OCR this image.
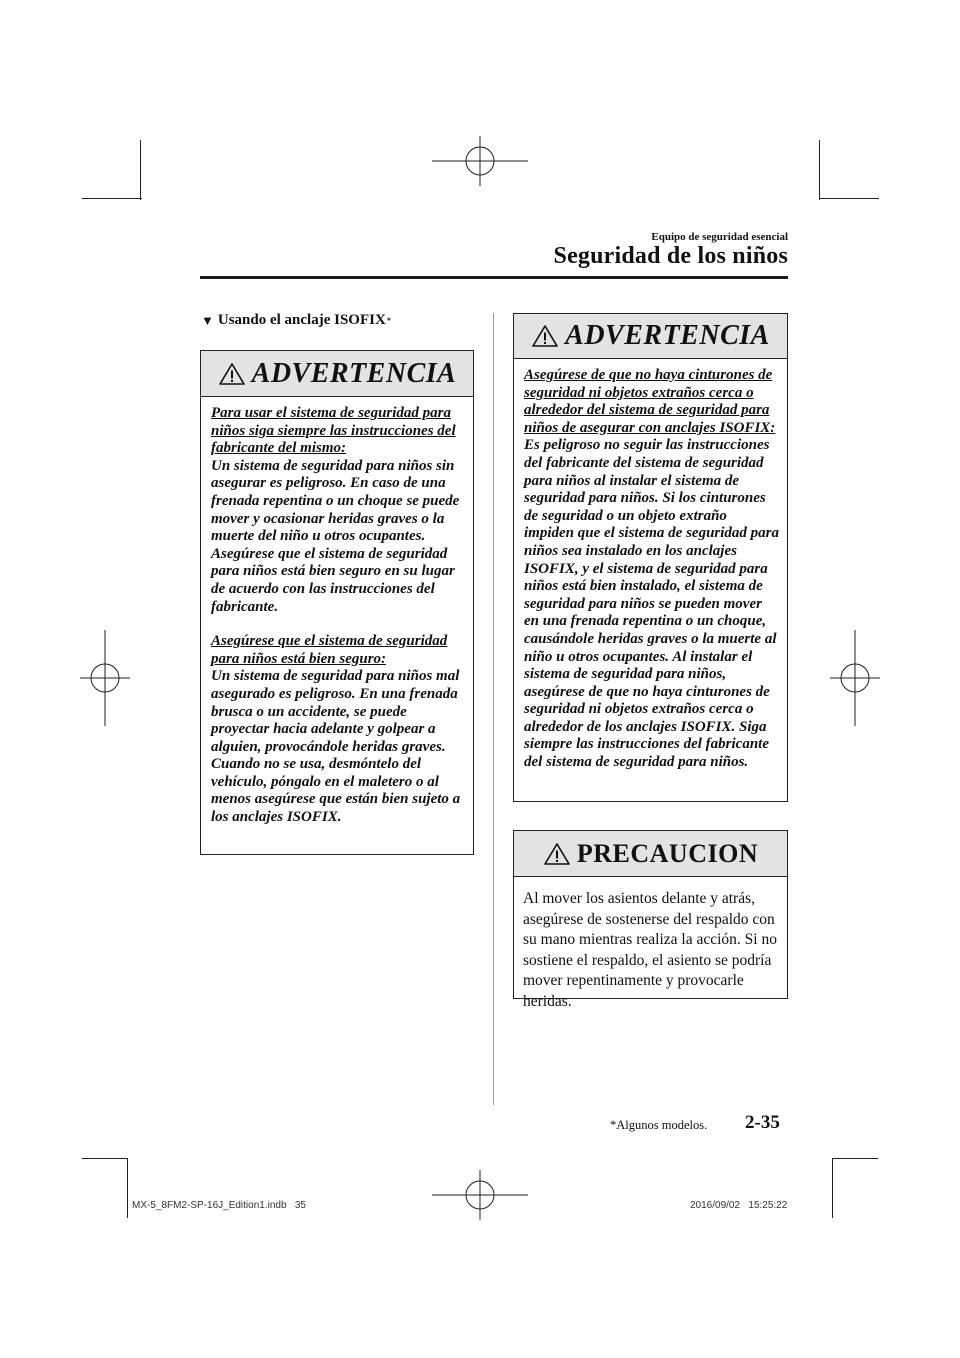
Equipo de seguridad esencial
Seguridad de los niños
▼ Usando el anclaje ISOFIX *
ADVERTENCIA

Para usar el sistema de seguridad para niños siga siempre las instrucciones del fabricante del mismo:

Un sistema de seguridad para niños sin asegurar es peligroso. En caso de una frenada repentina o un choque se puede mover y ocasionar heridas graves o la muerte del niño u otros ocupantes. Asegúrese que el sistema de seguridad para niños está bien seguro en su lugar de acuerdo con las instrucciones del fabricante.

Asegúrese que el sistema de seguridad para niños está bien seguro:

Un sistema de seguridad para niños mal asegurado es peligroso. En una frenada brusca o un accidente, se puede proyectar hacia adelante y golpear a alguien, provocándole heridas graves. Cuando no se usa, desmóntelo del vehículo, póngalo en el maletero o al menos asegúrese que están bien sujeto a los anclajes ISOFIX.

ADVERTENCIA

Asegúrese de que no haya cinturones de seguridad ni objetos extraños cerca o alrededor del sistema de seguridad para niños de asegurar con anclajes ISOFIX:

Es peligroso no seguir las instrucciones del fabricante del sistema de seguridad para niños al instalar el sistema de seguridad para niños. Si los cinturones de seguridad o un objeto extraño impiden que el sistema de seguridad para niños sea instalado en los anclajes ISOFIX, y el sistema de seguridad para niños está bien instalado, el sistema de seguridad para niños se pueden mover en una frenada repentina o un choque, causándole heridas graves o la muerte al niño u otros ocupantes. Al instalar el sistema de seguridad para niños, asegúrese de que no haya cinturones de seguridad ni objetos extraños cerca o alrededor de los anclajes ISOFIX. Siga siempre las instrucciones del fabricante del sistema de seguridad para niños.

PRECAUCION
Al mover los asientos delante y atrás, asegúrese de sostenerse del respaldo con su mano mientras realiza la acción. Si no sostiene el respaldo, el asiento se podría mover repentinamente y provocarle heridas.
*Algunos modelos. 2-35
MX-5_8FM2-SP-16J_Edition1.indb   35	2016/09/02   15:25:22
